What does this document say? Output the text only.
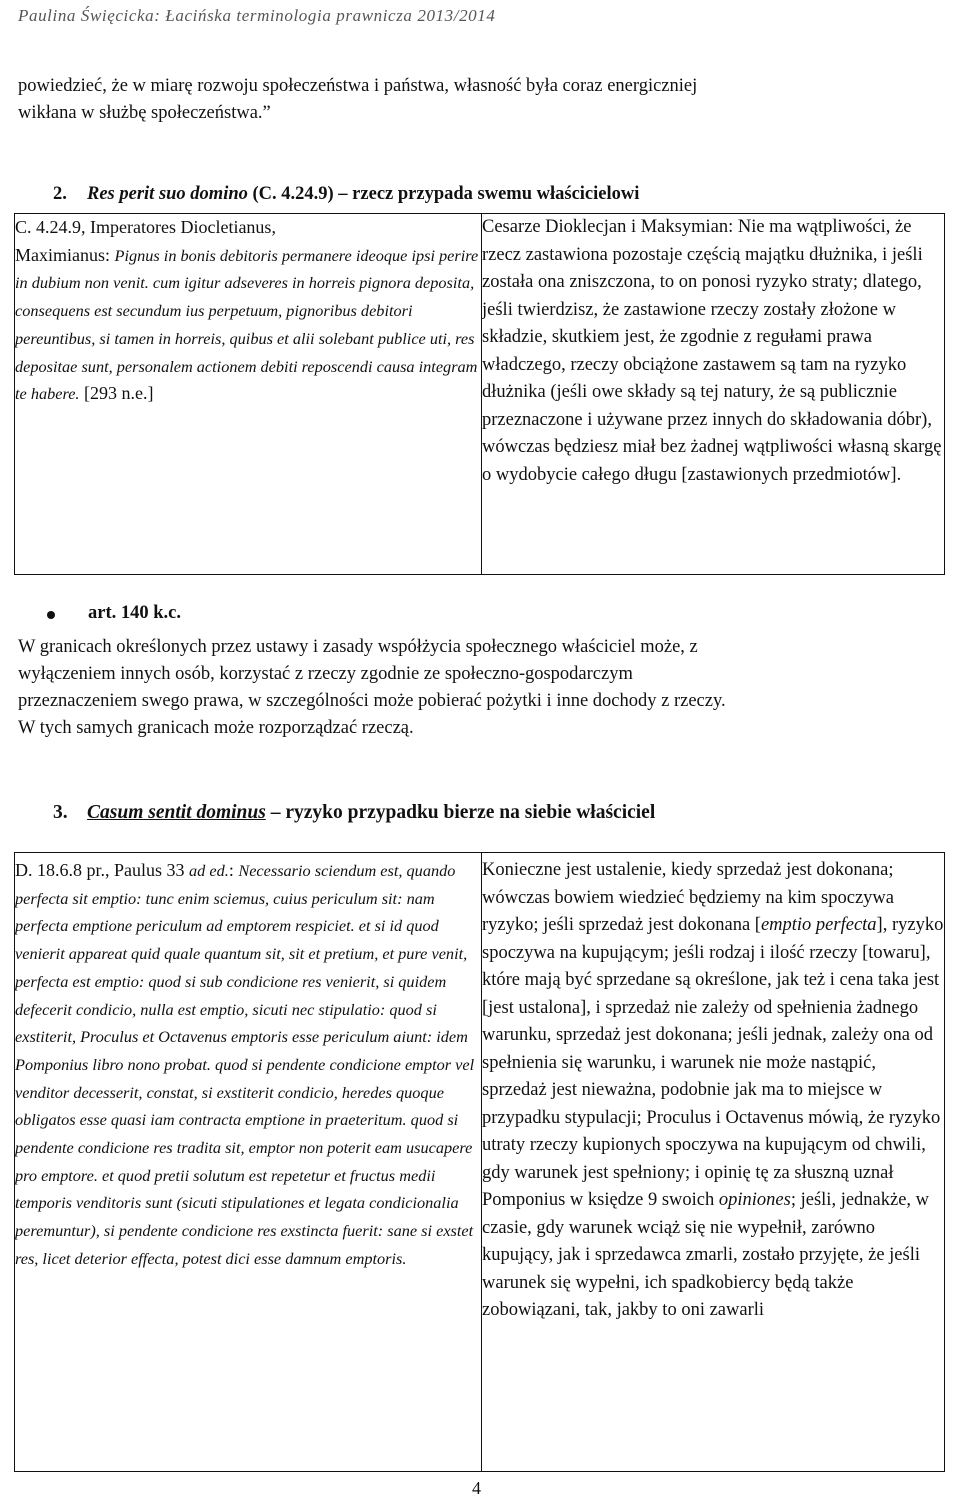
Paulina Święcicka: Łacińska terminologia prawnicza 2013/2014
powiedzieć, że w miarę rozwoju społeczeństwa i państwa, własność była coraz energiczniej
wikłana w służbę społeczeństwa.”
2. Res perit suo domino (C. 4.24.9) – rzecz przypada swemu właścicielowi
C. 4.24.9, Imperatores Diocletianus,
Maximianus: Pignus in bonis debitoris permanere ideoque ipsi perire in dubium non venit. cum igitur adseveres in horreis pignora deposita, consequens est secundum ius perpetuum, pignoribus debitori pereuntibus, si tamen in horreis, quibus et alii solebant publice uti, res depositae sunt, personalem actionem debiti reposcendi causa integram te habere. [293 n.e.]	Cesarze Dioklecjan i Maksymian: Nie ma wątpliwości, że rzecz zastawiona pozostaje częścią majątku dłużnika, i jeśli została ona zniszczona, to on ponosi ryzyko straty; dlatego, jeśli twierdzisz, że zastawione rzeczy zostały złożone w składzie, skutkiem jest, że zgodnie z regułami prawa władczego, rzeczy obciążone zastawem są tam na ryzyko dłużnika (jeśli owe składy są tej natury, że są publicznie przeznaczone i używane przez innych do składowania dóbr), wówczas będziesz miał bez żadnej wątpliwości własną skargę o wydobycie całego długu [zastawionych przedmiotów].
art. 140 k.c.
W granicach określonych przez ustawy i zasady współżycia społecznego właściciel może, z
wyłączeniem innych osób, korzystać z rzeczy zgodnie ze społeczno-gospodarczym
przeznaczeniem swego prawa, w szczególności może pobierać pożytki i inne dochody z rzeczy.
W tych samych granicach może rozporządzać rzeczą.
3. Casum sentit dominus – ryzyko przypadku bierze na siebie właściciel
D. 18.6.8 pr., Paulus 33 ad ed.: Necessario sciendum est, quando perfecta sit emptio: tunc enim sciemus, cuius periculum sit: nam perfecta emptione periculum ad emptorem respiciet. et si id quod venierit appareat quid quale quantum sit, sit et pretium, et pure venit, perfecta est emptio: quod si sub condicione res venierit, si quidem defecerit condicio, nulla est emptio, sicuti nec stipulatio: quod si exstiterit, Proculus et Octavenus emptoris esse periculum aiunt: idem Pomponius libro nono probat. quod si pendente condicione emptor vel venditor decesserit, constat, si exstiterit condicio, heredes quoque obligatos esse quasi iam contracta emptione in praeteritum. quod si pendente condicione res tradita sit, emptor non poterit eam usucapere pro emptore. et quod pretii solutum est repetetur et fructus medii temporis venditoris sunt (sicuti stipulationes et legata condicionalia peremuntur), si pendente condicione res exstincta fuerit: sane si exstet res, licet deterior effecta, potest dici esse damnum emptoris.	Konieczne jest ustalenie, kiedy sprzedaż jest dokonana; wówczas bowiem wiedzieć będziemy na kim spoczywa ryzyko; jeśli sprzedaż jest dokonana [emptio perfecta], ryzyko spoczywa na kupującym; jeśli rodzaj i ilość rzeczy [towaru], które mają być sprzedane są określone, jak też i cena taka jest [jest ustalona], i sprzedaż nie zależy od spełnienia żadnego warunku, sprzedaż jest dokonana; jeśli jednak, zależy ona od spełnienia się warunku, i warunek nie może nastąpić, sprzedaż jest nieważna, podobnie jak ma to miejsce w przypadku stypulacji; Proculus i Octavenus mówią, że ryzyko utraty rzeczy kupionych spoczywa na kupującym od chwili, gdy warunek jest spełniony; i opinię tę za słuszną uznał Pomponius w księdze 9 swoich opiniones; jeśli, jednakże, w czasie, gdy warunek wciąż się nie wypełnił, zarówno kupujący, jak i sprzedawca zmarli, zostało przyjęte, że jeśli warunek się wypełni, ich spadkobiercy będą także zobowiązani, tak, jakby to oni zawarli
4
